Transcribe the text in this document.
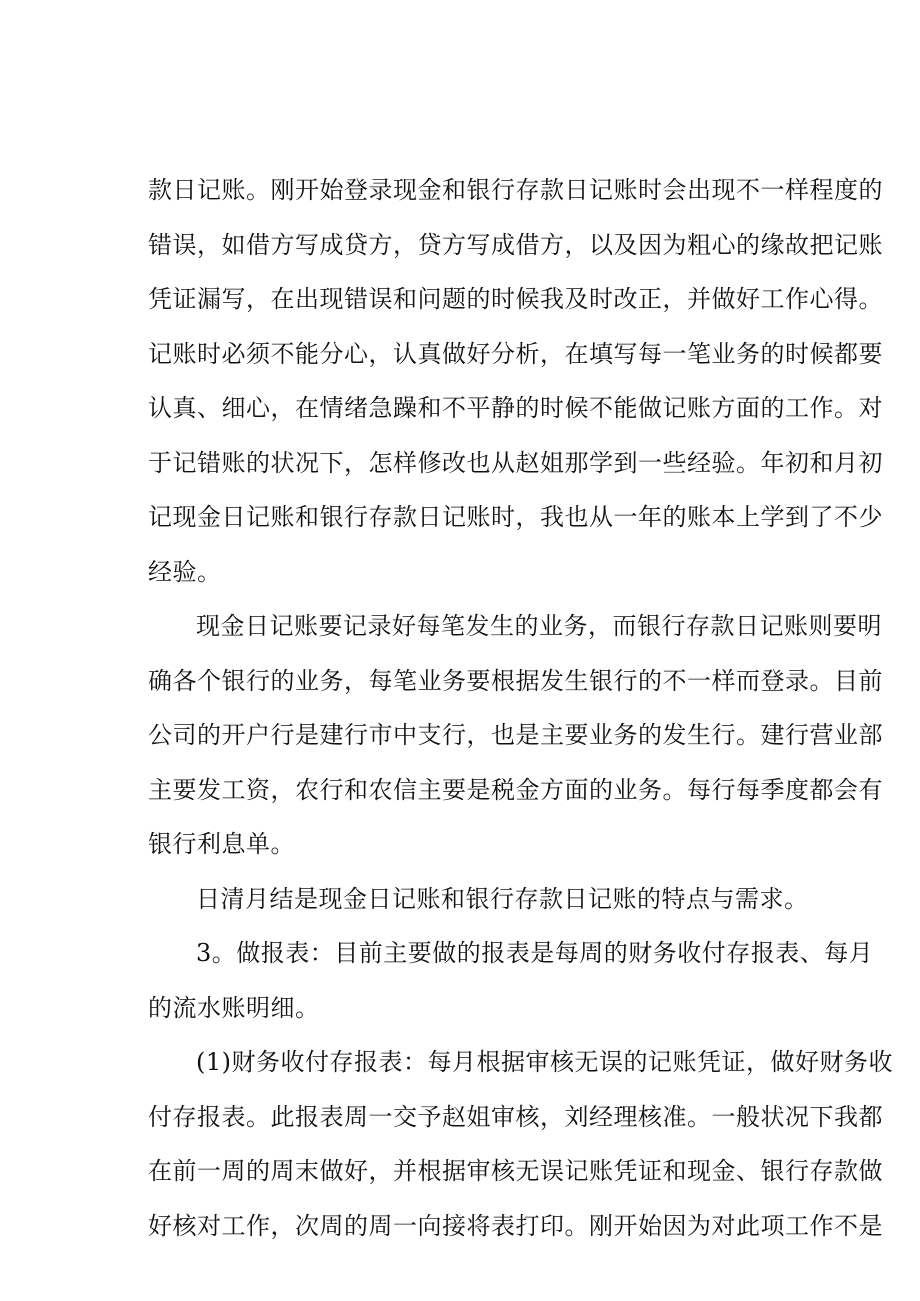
款日记账。刚开始登录现金和银行存款日记账时会出现不一样程度的
错误，如借方写成贷方，贷方写成借方，以及因为粗心的缘故把记账
凭证漏写，在出现错误和问题的时候我及时改正，并做好工作心得。
记账时必须不能分心，认真做好分析，在填写每一笔业务的时候都要
认真、细心，在情绪急躁和不平静的时候不能做记账方面的工作。对
于记错账的状况下，怎样修改也从赵姐那学到一些经验。年初和月初
记现金日记账和银行存款日记账时，我也从一年的账本上学到了不少
经验。
现金日记账要记录好每笔发生的业务，而银行存款日记账则要明
确各个银行的业务，每笔业务要根据发生银行的不一样而登录。目前
公司的开户行是建行市中支行，也是主要业务的发生行。建行营业部
主要发工资，农行和农信主要是税金方面的业务。每行每季度都会有
银行利息单。
日清月结是现金日记账和银行存款日记账的特点与需求。
3。做报表：目前主要做的报表是每周的财务收付存报表、每月
的流水账明细。
(1)财务收付存报表：每月根据审核无误的记账凭证，做好财务收
付存报表。此报表周一交予赵姐审核，刘经理核准。一般状况下我都
在前一周的周末做好，并根据审核无误记账凭证和现金、银行存款做
好核对工作，次周的周一向接将表打印。刚开始因为对此项工作不是
